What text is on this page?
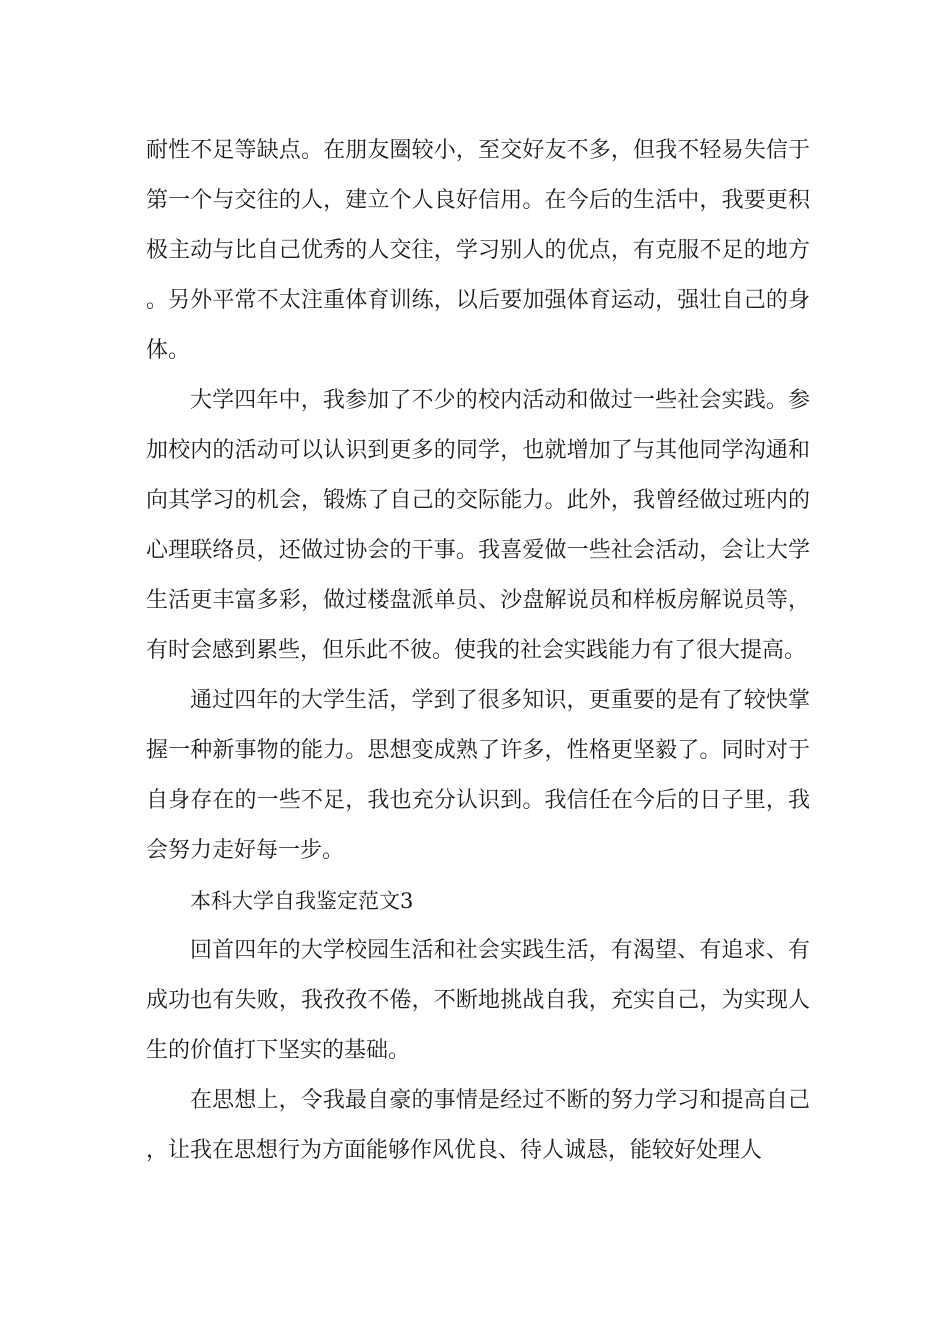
耐性不足等缺点。在朋友圈较小，至交好友不多，但我不轻易失信于第一个与交往的人，建立个人良好信用。在今后的生活中，我要更积极主动与比自己优秀的人交往，学习别人的优点，有克服不足的地方。另外平常不太注重体育训练，以后要加强体育运动，强壮自己的身体。

大学四年中，我参加了不少的校内活动和做过一些社会实践。参加校内的活动可以认识到更多的同学，也就增加了与其他同学沟通和向其学习的机会，锻炼了自己的交际能力。此外，我曾经做过班内的心理联络员，还做过协会的干事。我喜爱做一些社会活动，会让大学生活更丰富多彩，做过楼盘派单员、沙盘解说员和样板房解说员等，有时会感到累些，但乐此不彼。使我的社会实践能力有了很大提高。

通过四年的大学生活，学到了很多知识，更重要的是有了较快掌握一种新事物的能力。思想变成熟了许多，性格更坚毅了。同时对于自身存在的一些不足，我也充分认识到。我信任在今后的日子里，我会努力走好每一步。

本科大学自我鉴定范文3

回首四年的大学校园生活和社会实践生活，有渴望、有追求、有成功也有失败，我孜孜不倦，不断地挑战自我，充实自己，为实现人生的价值打下坚实的基础。

在思想上，令我最自豪的事情是经过不断的努力学习和提高自己，让我在思想行为方面能够作风优良、待人诚恳，能较好处理人
